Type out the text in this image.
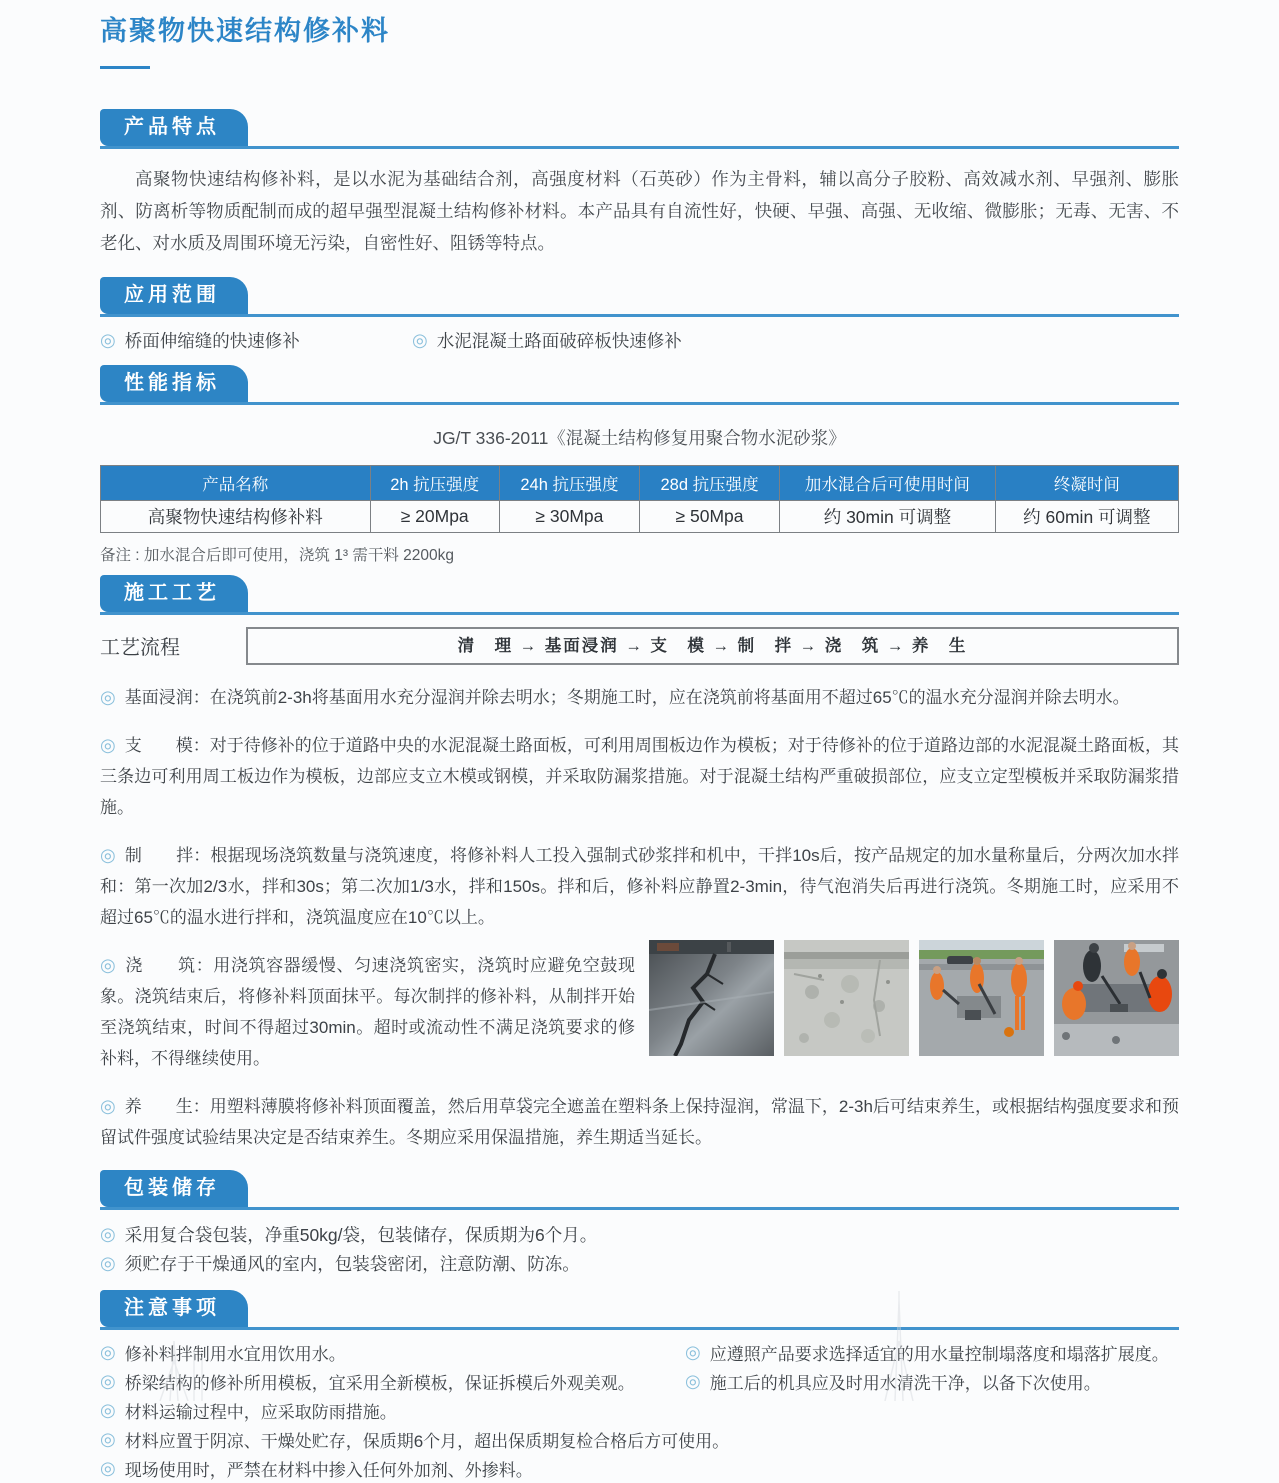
高聚物快速结构修补料
产品特点

高聚物快速结构修补料，是以水泥为基础结合剂，高强度材料（石英砂）作为主骨料，辅以高分子胶粉、高效减水剂、早强剂、膨胀剂、防离析等物质配制而成的超早强型混凝土结构修补材料。本产品具有自流性好，快硬、早强、高强、无收缩、微膨胀；无毒、无害、不老化、对水质及周围环境无污染，自密性好、阻锈等特点。

应用范围
◎ 桥面伸缩缝的快速修补	◎ 水泥混凝土路面破碎板快速修补
性能指标
JG/T 336-2011《混凝土结构修复用聚合物水泥砂浆》
产品名称	2h 抗压强度	24h 抗压强度	28d 抗压强度	加水混合后可使用时间	终凝时间
高聚物快速结构修补料	≥ 20Mpa	≥ 30Mpa	≥ 50Mpa	约 30min 可调整	约 60min 可调整
备注 : 加水混合后即可使用，浇筑 1³ 需干料 2200kg
施工工艺
工艺流程	清　理 → 基面浸润 → 支　模 → 制　拌 → 浇　筑 → 养　生

◎ 基面浸润：在浇筑前2-3h将基面用水充分湿润并除去明水；冬期施工时，应在浇筑前将基面用不超过65℃的温水充分湿润并除去明水。

◎ 支　　模：对于待修补的位于道路中央的水泥混凝土路面板，可利用周围板边作为模板；对于待修补的位于道路边部的水泥混凝土路面板，其三条边可利用周工板边作为模板，边部应支立木模或钢模，并采取防漏浆措施。对于混凝土结构严重破损部位，应支立定型模板并采取防漏浆措施。

◎ 制　　拌：根据现场浇筑数量与浇筑速度，将修补料人工投入强制式砂浆拌和机中，干拌10s后，按产品规定的加水量称量后，分两次加水拌和：第一次加2/3水，拌和30s；第二次加1/3水，拌和150s。拌和后，修补料应静置2-3min，待气泡消失后再进行浇筑。冬期施工时，应采用不超过65℃的温水进行拌和，浇筑温度应在10℃以上。

◎ 浇　　筑：用浇筑容器缓慢、匀速浇筑密实，浇筑时应避免空鼓现象。浇筑结束后，将修补料顶面抹平。每次制拌的修补料，从制拌开始至浇筑结束，时间不得超过30min。超时或流动性不满足浇筑要求的修补料，不得继续使用。

◎ 养　　生：用塑料薄膜将修补料顶面覆盖，然后用草袋完全遮盖在塑料条上保持湿润，常温下，2-3h后可结束养生，或根据结构强度要求和预留试件强度试验结果决定是否结束养生。冬期应采用保温措施，养生期适当延长。

包装储存
◎ 采用复合袋包装，净重50kg/袋，包装储存，保质期为6个月。
◎ 须贮存于干燥通风的室内，包装袋密闭，注意防潮、防冻。
注意事项
◎ 修补料拌制用水宜用饮用水。	◎ 应遵照产品要求选择适宜的用水量控制塌落度和塌落扩展度。
◎ 桥梁结构的修补所用模板，宜采用全新模板，保证拆模后外观美观。	◎ 施工后的机具应及时用水清洗干净，以备下次使用。
◎ 材料运输过程中，应采取防雨措施。
◎ 材料应置于阴凉、干燥处贮存，保质期6个月，超出保质期复检合格后方可使用。
◎ 现场使用时，严禁在材料中掺入任何外加剂、外掺料。
